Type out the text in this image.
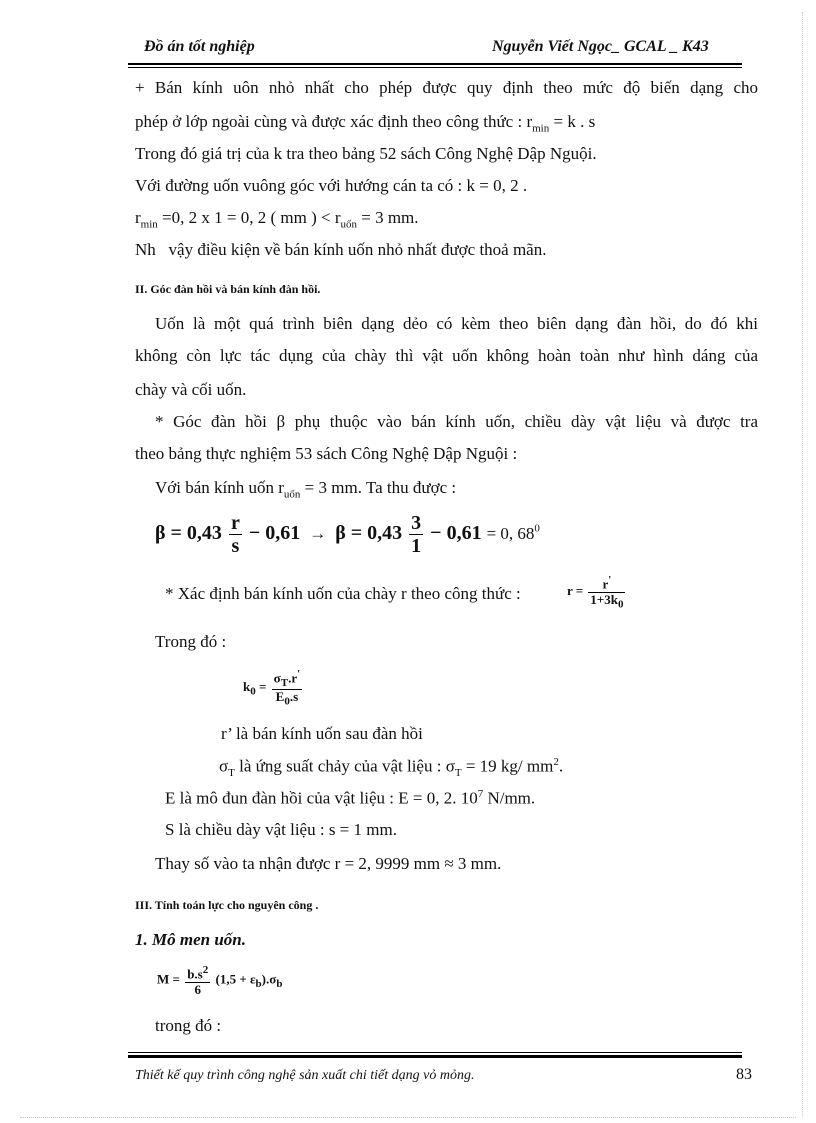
Đồ án tốt nghiệp	Nguyễn Viết Ngọc_ GCAL _ K43
+ Bán kính uôn nhỏ nhất cho phép được quy định theo mức độ biến dạng cho
phép ở lớp ngoài cùng và được xác định theo công thức : $r_{min} = k$ . s
Trong đó giá trị của k tra theo bảng 52 sách Công Nghệ Dập Nguội.
Với đường uốn vuông góc với hướng cán ta có : k = 0, 2 .
$r_{min} =0$, 2 x 1 = 0, 2 ( mm ) < $r_{uốn} = 3$ mm.
Nh vậy điều kiện về bán kính uốn nhỏ nhất được thoả mãn.
II. Góc đàn hồi và bán kính đàn hồi.
Uốn là một quá trình biên dạng dẻo có kèm theo biên dạng đàn hồi, do đó khi
không còn lực tác dụng của chày thì vật uốn không hoàn toàn như hình dáng của
chày và cối uốn.
* Góc đàn hồi β phụ thuộc vào bán kính uốn, chiều dày vật liệu và được tra
theo bảng thực nghiệm 53 sách Công Nghệ Dập Nguội :
Với bán kính uốn $r_{uốn} = 3$ mm. Ta thu được :
$\beta = 0,43 \frac{r}{s} - 0,61 \to \beta = 0,43 \frac{3}{1} - 0,61 = 0$, $68^0$
* Xác định bán kính uốn của chày r theo công thức :	$r = \frac{r'}{1+3k_0}$
Trong đó :
$k_0 = \frac{\sigma_T.r'}{E_0.s}$
r’ là bán kính uốn sau đàn hồi
$\sigma_T$ là ứng suất chảy của vật liệu : $\sigma_T = 19$ kg/ $mm^2$.
E là mô đun đàn hồi của vật liệu : E = 0, 2. $10^7$ N/mm.
S là chiều dày vật liệu : s = 1 mm.
Thay số vào ta nhận được r = 2, 9999 mm ≈ 3 mm.
III. Tính toán lực cho nguyên công .
1. Mô men uốn.
$M = \frac{b.s^2}{6} (1,5 + \varepsilon_b).\sigma_b$
trong đó :
Thiết kế quy trình công nghệ sản xuất chi tiết dạng vỏ mỏng.	83
